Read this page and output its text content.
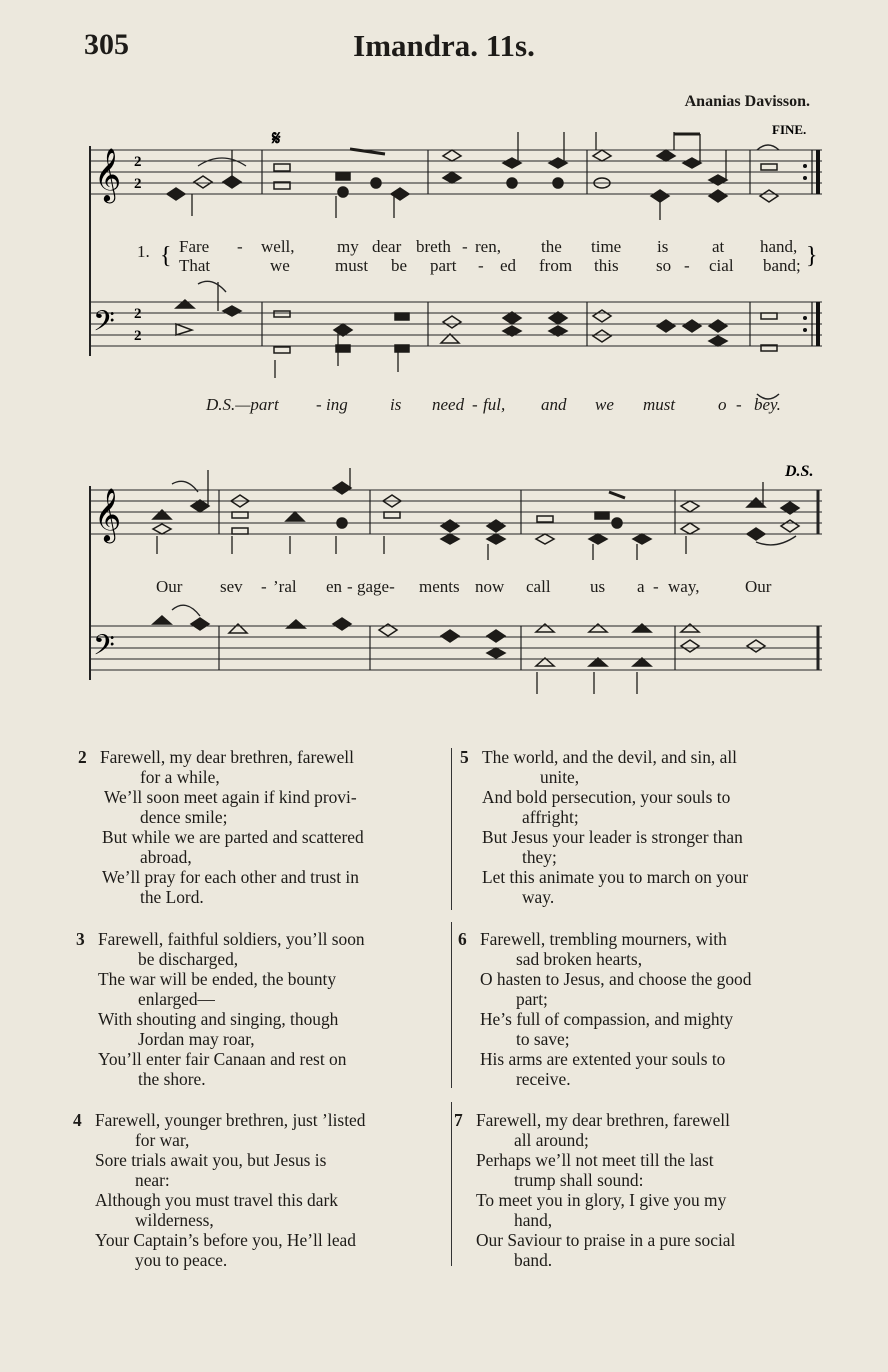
305	Imandra. 11s.
Ananias Davisson.
𝄞
𝄢
2
2
2
2
𝄋	FINE.
1. {	}
Fare - well, my dear breth - ren, the time is	at hand,
That	we	must be part - ed from this so - cial band;
D.S.—part - ing is need - ful, and we must	o - bey.
D.S.
𝄞
𝄢
Our sev - ’ral en - gage- ments now call us a - way,	Our
2 Farewell, my dear brethren, farewell
for a while,
We’ll soon meet again if kind provi-
dence smile;
But while we are parted and scattered
abroad,
We’ll pray for each other and trust in
the Lord.
3 Farewell, faithful soldiers, you’ll soon
be discharged,
The war will be ended, the bounty
enlarged—
With shouting and singing, though
Jordan may roar,
You’ll enter fair Canaan and rest on
the shore.
4 Farewell, younger brethren, just ’listed
for war,
Sore trials await you, but Jesus is
near:
Although you must travel this dark
wilderness,
Your Captain’s before you, He’ll lead
you to peace.
5 The world, and the devil, and sin, all
unite,
And bold persecution, your souls to
affright;
But Jesus your leader is stronger than
they;
Let this animate you to march on your
way.
6 Farewell, trembling mourners, with
sad broken hearts,
O hasten to Jesus, and choose the good
part;
He’s full of compassion, and mighty
to save;
His arms are extented your souls to
receive.
7 Farewell, my dear brethren, farewell
all around;
Perhaps we’ll not meet till the last
trump shall sound:
To meet you in glory, I give you my
hand,
Our Saviour to praise in a pure social
band.
